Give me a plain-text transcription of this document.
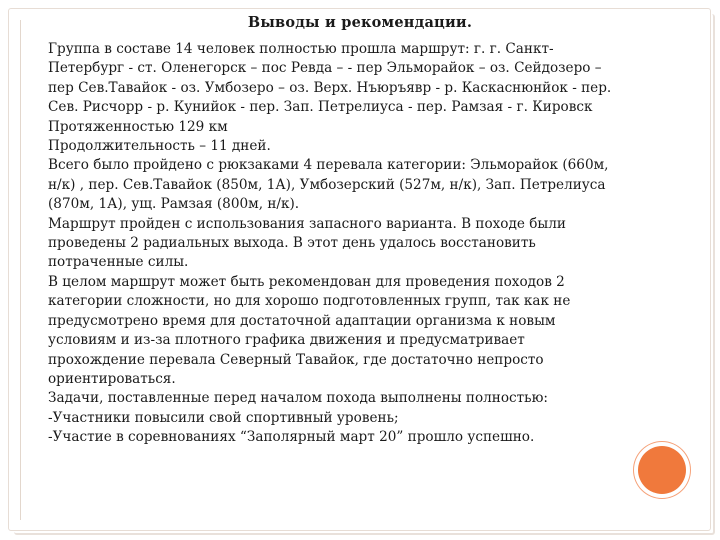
Выводы и рекомендации.
Группа в составе 14 человек полностью прошла маршрут: г. г. Санкт-
Петербург - ст. Оленегорск – пос Ревда – - пер Эльморайок – оз. Сейдозеро –
пер Сев.Тавайок - оз. Умбозеро – оз. Верх. Нъюръявр - р. Каскаснюнйок - пер.
Сев. Рисчорр - р. Кунийок - пер. Зап. Петрелиуса - пер. Рамзая - г. Кировск
Протяженностью 129 км
Продолжительность – 11 дней.
Всего было пройдено с рюкзаками 4 перевала категории: Эльморайок (660м,
н/к) , пер. Сев.Тавайок (850м, 1А), Умбозерский (527м, н/к), Зап. Петрелиуса
(870м, 1А), ущ. Рамзая (800м, н/к).
Маршрут пройден с использования запасного варианта. В походе были
проведены 2 радиальных выхода. В этот день удалось восстановить
потраченные силы.
В целом маршрут может быть рекомендован для проведения походов 2
категории сложности, но для хорошо подготовленных групп, так как не
предусмотрено время для достаточной адаптации организма к новым
условиям и из-за плотного графика движения и предусматривает
прохождение перевала Северный Тавайок, где достаточно непросто
ориентироваться.
Задачи, поставленные перед началом похода выполнены полностью:
-Участники повысили свой спортивный уровень;
-Участие в соревнованиях “Заполярный март 20” прошло успешно.
